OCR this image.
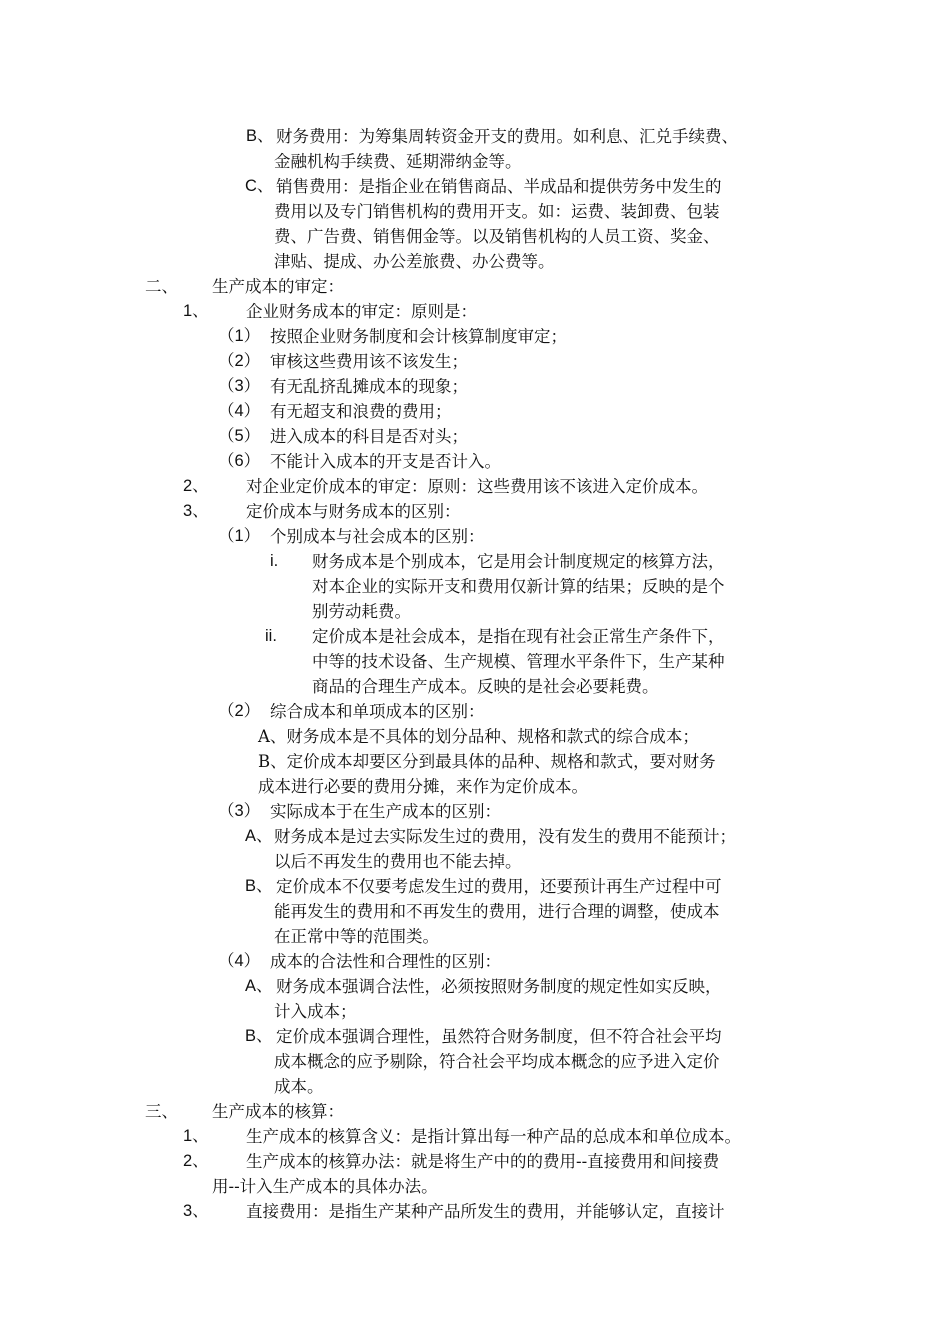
B、 财务费用：为筹集周转资金开支的费用。如利息、汇兑手续费、
金融机构手续费、延期滞纳金等。
C、 销售费用：是指企业在销售商品、半成品和提供劳务中发生的
费用以及专门销售机构的费用开支。如：运费、装卸费、包装
费、广告费、销售佣金等。以及销售机构的人员工资、奖金、
津贴、提成、办公差旅费、办公费等。
二、 生产成本的审定：
1、 企业财务成本的审定：原则是：
（1） 按照企业财务制度和会计核算制度审定；
（2） 审核这些费用该不该发生；
（3） 有无乱挤乱摊成本的现象；
（4） 有无超支和浪费的费用；
（5） 进入成本的科目是否对头；
（6） 不能计入成本的开支是否计入。
2、 对企业定价成本的审定：原则：这些费用该不该进入定价成本。
3、 定价成本与财务成本的区别：
（1） 个别成本与社会成本的区别：
i. 财务成本是个别成本，它是用会计制度规定的核算方法，
对本企业的实际开支和费用仅新计算的结果；反映的是个
别劳动耗费。
ii. 定价成本是社会成本，是指在现有社会正常生产条件下，
中等的技术设备、生产规模、管理水平条件下，生产某种
商品的合理生产成本。反映的是社会必要耗费。
（2） 综合成本和单项成本的区别：
A、财务成本是不具体的划分品种、规格和款式的综合成本；
B、定价成本却要区分到最具体的品种、规格和款式，要对财务
成本进行必要的费用分摊，来作为定价成本。
（3） 实际成本于在生产成本的区别：
A、 财务成本是过去实际发生过的费用，没有发生的费用不能预计；
以后不再发生的费用也不能去掉。
B、 定价成本不仅要考虑发生过的费用，还要预计再生产过程中可
能再发生的费用和不再发生的费用，进行合理的调整，使成本
在正常中等的范围类。
（4） 成本的合法性和合理性的区别：
A、 财务成本强调合法性，必须按照财务制度的规定性如实反映，
计入成本；
B、 定价成本强调合理性，虽然符合财务制度，但不符合社会平均
成本概念的应予剔除，符合社会平均成本概念的应予进入定价
成本。
三、 生产成本的核算：
1、 生产成本的核算含义：是指计算出每一种产品的总成本和单位成本。
2、 生产成本的核算办法：就是将生产中的的费用--直接费用和间接费
用--计入生产成本的具体办法。
3、 直接费用：是指生产某种产品所发生的费用，并能够认定，直接计
